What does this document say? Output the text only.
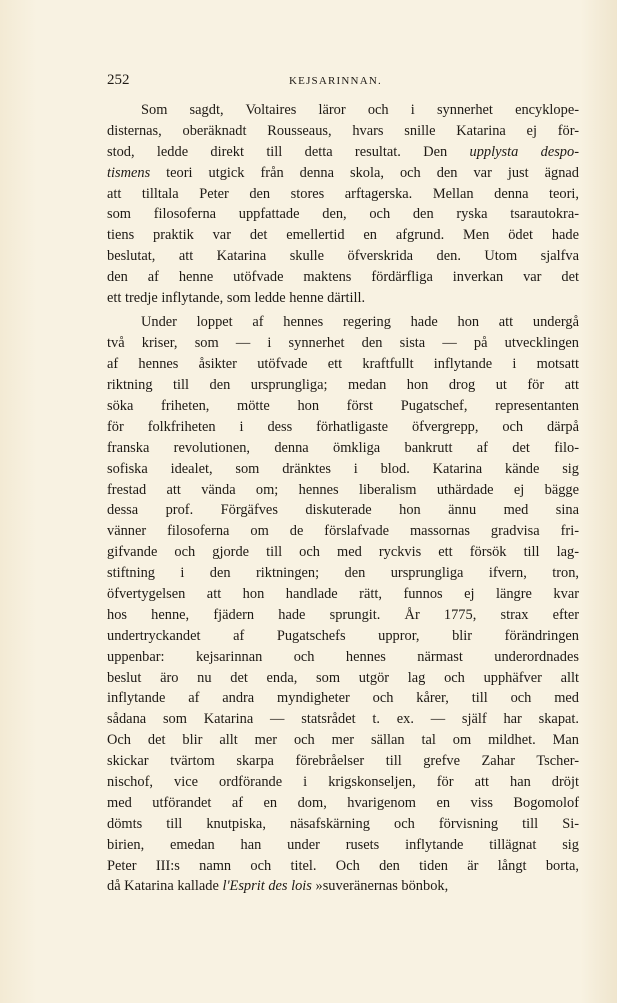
252	KEJSARINNAN.
Som sagdt, Voltaires läror och i synnerhet encyklope-
disternas, oberäknadt Rousseaus, hvars snille Katarina ej för-
stod, ledde direkt till detta resultat. Den upplysta despo-
tismens teori utgick från denna skola, och den var just ägnad
att tilltala Peter den stores arftagerska. Mellan denna teori,
som filosoferna uppfattade den, och den ryska tsarautokra-
tiens praktik var det emellertid en afgrund. Men ödet hade
beslutat, att Katarina skulle öfverskrida den. Utom sjalfva
den af henne utöfvade maktens fördärfliga inverkan var det
ett tredje inflytande, som ledde henne därtill.
Under loppet af hennes regering hade hon att undergå
två kriser, som — i synnerhet den sista — på utvecklingen
af hennes åsikter utöfvade ett kraftfullt inflytande i motsatt
riktning till den ursprungliga; medan hon drog ut för att
söka friheten, mötte hon först Pugatschef, representanten
för folkfriheten i dess förhatligaste öfvergrepp, och därpå
franska revolutionen, denna ömkliga bankrutt af det filo-
sofiska idealet, som dränktes i blod. Katarina kände sig
frestad att vända om; hennes liberalism uthärdade ej bägge
dessa prof. Förgäfves diskuterade hon ännu med sina
vänner filosoferna om de förslafvade massornas gradvisa fri-
gifvande och gjorde till och med ryckvis ett försök till lag-
stiftning i den riktningen; den ursprungliga ifvern, tron,
öfvertygelsen att hon handlade rätt, funnos ej längre kvar
hos henne, fjädern hade sprungit. År 1775, strax efter
undertryckandet af Pugatschefs uppror, blir förändringen
uppenbar: kejsarinnan och hennes närmast underordnades
beslut äro nu det enda, som utgör lag och upphäfver allt
inflytande af andra myndigheter och kårer, till och med
sådana som Katarina — statsrådet t. ex. — själf har skapat.
Och det blir allt mer och mer sällan tal om mildhet. Man
skickar tvärtom skarpa förebråelser till grefve Zahar Tscher-
nischof, vice ordförande i krigskonseljen, för att han dröjt
med utförandet af en dom, hvarigenom en viss Bogomolof
dömts till knutpiska, näsafskärning och förvisning till Si-
birien, emedan han under rusets inflytande tillägnat sig
Peter III:s namn och titel. Och den tiden är långt borta,
då Katarina kallade l'Esprit des lois »suveränernas bönbok,
